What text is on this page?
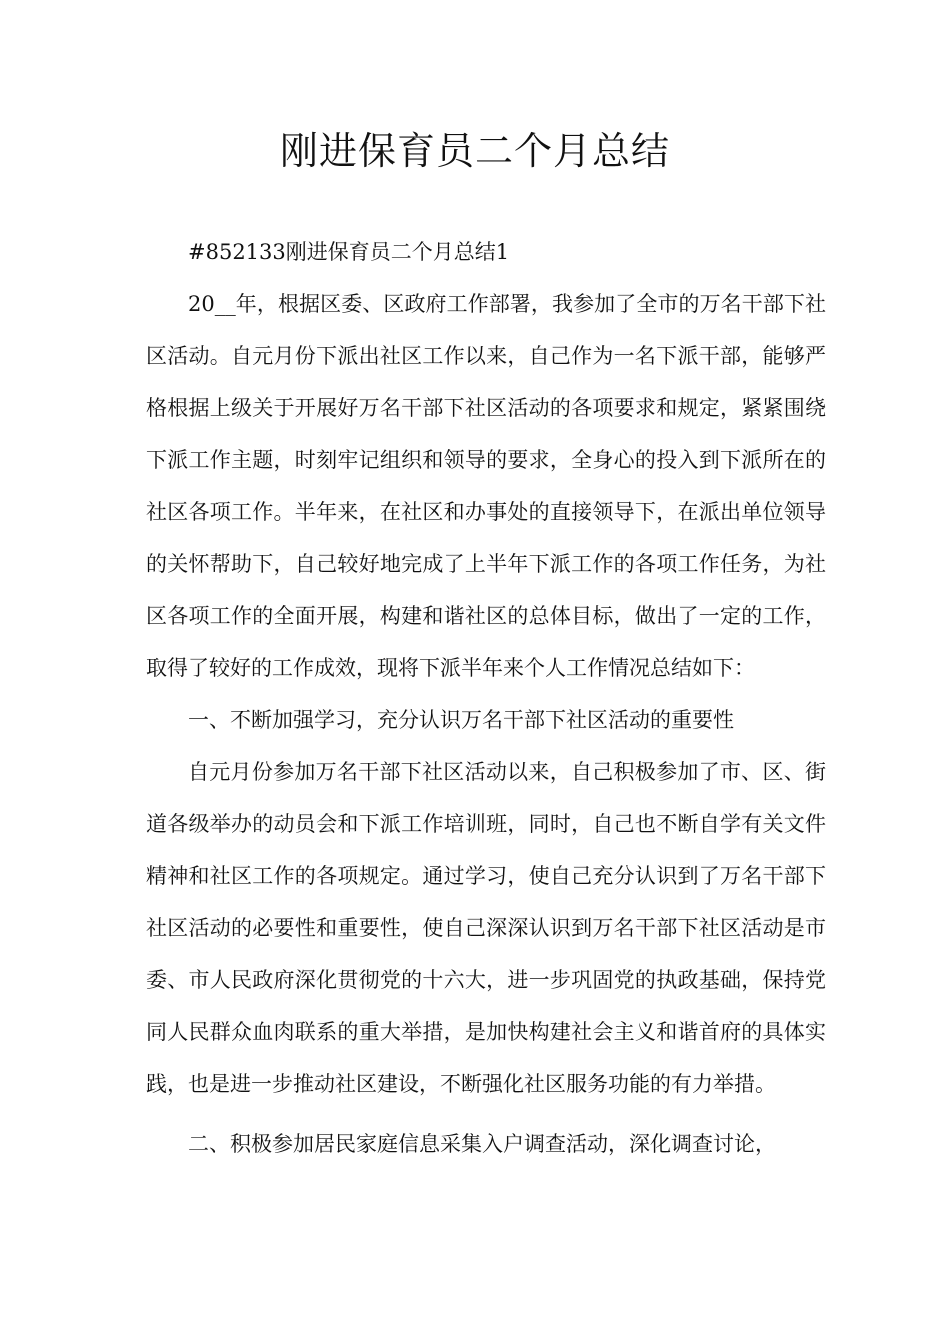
刚进保育员二个月总结

#852133刚进保育员二个月总结1

20__年，根据区委、区政府工作部署，我参加了全市的万名干部下社区活动。自元月份下派出社区工作以来，自己作为一名下派干部，能够严格根据上级关于开展好万名干部下社区活动的各项要求和规定，紧紧围绕下派工作主题，时刻牢记组织和领导的要求，全身心的投入到下派所在的社区各项工作。半年来，在社区和办事处的直接领导下，在派出单位领导的关怀帮助下，自己较好地完成了上半年下派工作的各项工作任务，为社区各项工作的全面开展，构建和谐社区的总体目标，做出了一定的工作，取得了较好的工作成效，现将下派半年来个人工作情况总结如下：

一、不断加强学习，充分认识万名干部下社区活动的重要性

自元月份参加万名干部下社区活动以来，自己积极参加了市、区、街道各级举办的动员会和下派工作培训班，同时，自己也不断自学有关文件精神和社区工作的各项规定。通过学习，使自己充分认识到了万名干部下社区活动的必要性和重要性，使自己深深认识到万名干部下社区活动是市委、市人民政府深化贯彻党的十六大，进一步巩固党的执政基础，保持党同人民群众血肉联系的重大举措，是加快构建社会主义和谐首府的具体实践，也是进一步推动社区建设，不断强化社区服务功能的有力举措。

二、积极参加居民家庭信息采集入户调查活动，深化调查讨论，
